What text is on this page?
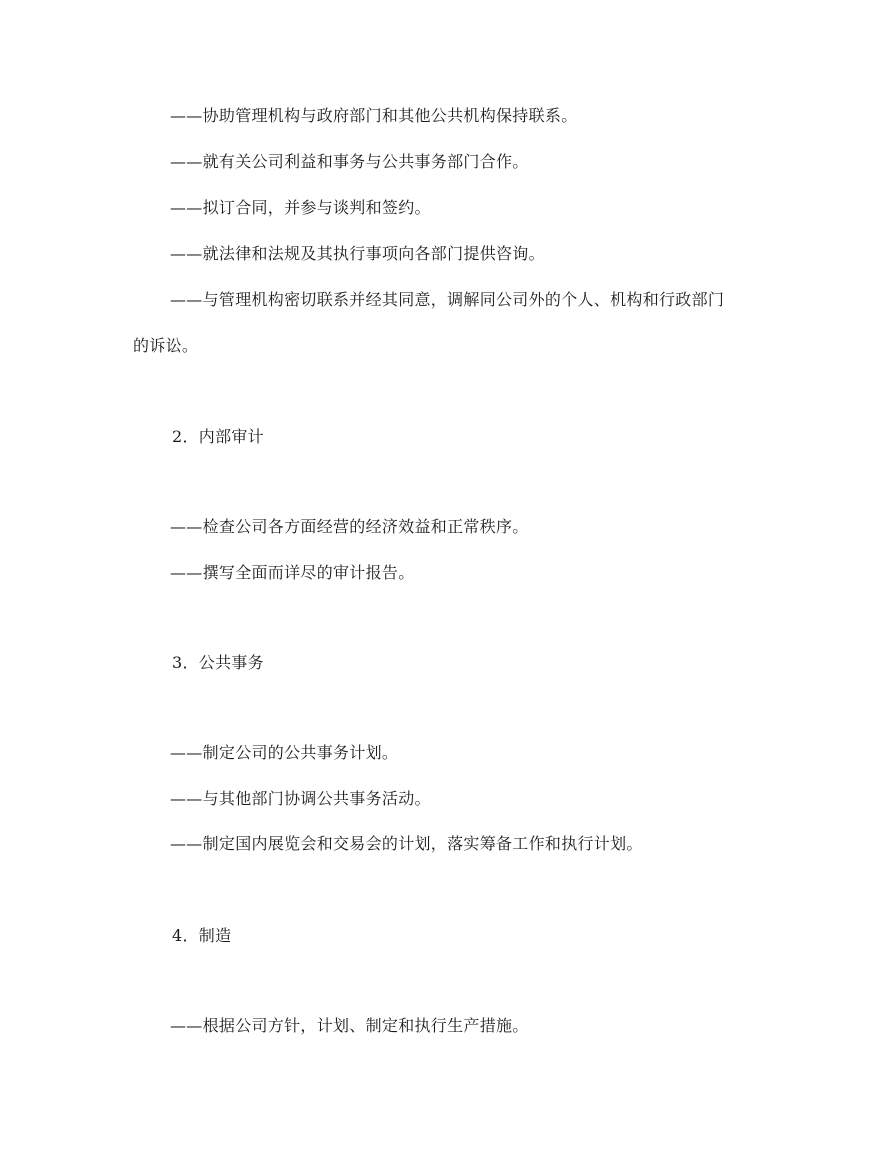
——协助管理机构与政府部门和其他公共机构保持联系。
——就有关公司利益和事务与公共事务部门合作。
——拟订合同，并参与谈判和签约。
——就法律和法规及其执行事项向各部门提供咨询。
——与管理机构密切联系并经其同意，调解同公司外的个人、机构和行政部门
的诉讼。
2．内部审计
——检查公司各方面经营的经济效益和正常秩序。
——撰写全面而详尽的审计报告。
3．公共事务
——制定公司的公共事务计划。
——与其他部门协调公共事务活动。
——制定国内展览会和交易会的计划，落实筹备工作和执行计划。
4．制造
——根据公司方针，计划、制定和执行生产措施。
